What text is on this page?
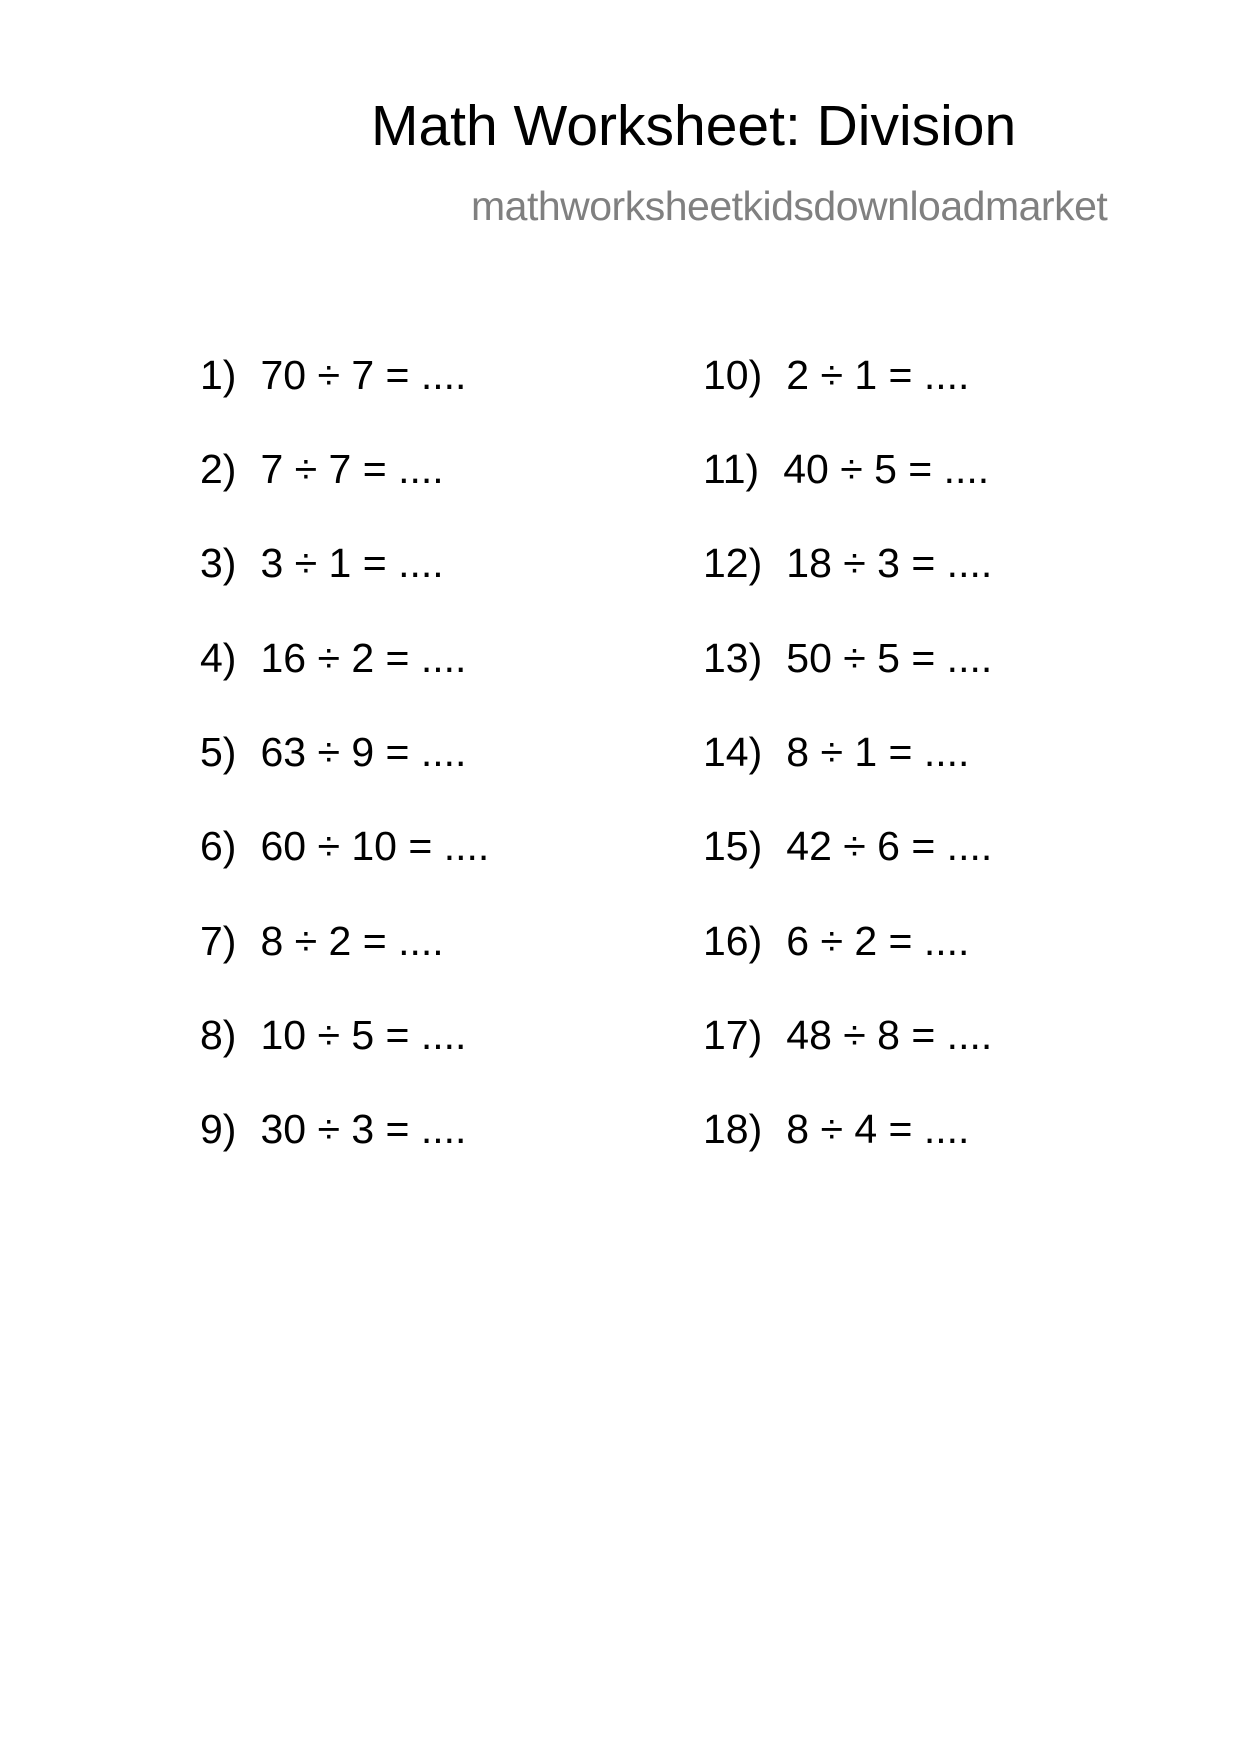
Math Worksheet: Division
mathworksheetkidsdownloadmarket
1) 70 ÷ 7 = ....
2) 7 ÷ 7 = ....
3) 3 ÷ 1 = ....
4) 16 ÷ 2 = ....
5) 63 ÷ 9 = ....
6) 60 ÷ 10 = ....
7) 8 ÷ 2 = ....
8) 10 ÷ 5 = ....
9) 30 ÷ 3 = ....
10) 2 ÷ 1 = ....
11) 40 ÷ 5 = ....
12) 18 ÷ 3 = ....
13) 50 ÷ 5 = ....
14) 8 ÷ 1 = ....
15) 42 ÷ 6 = ....
16) 6 ÷ 2 = ....
17) 48 ÷ 8 = ....
18) 8 ÷ 4 = ....
